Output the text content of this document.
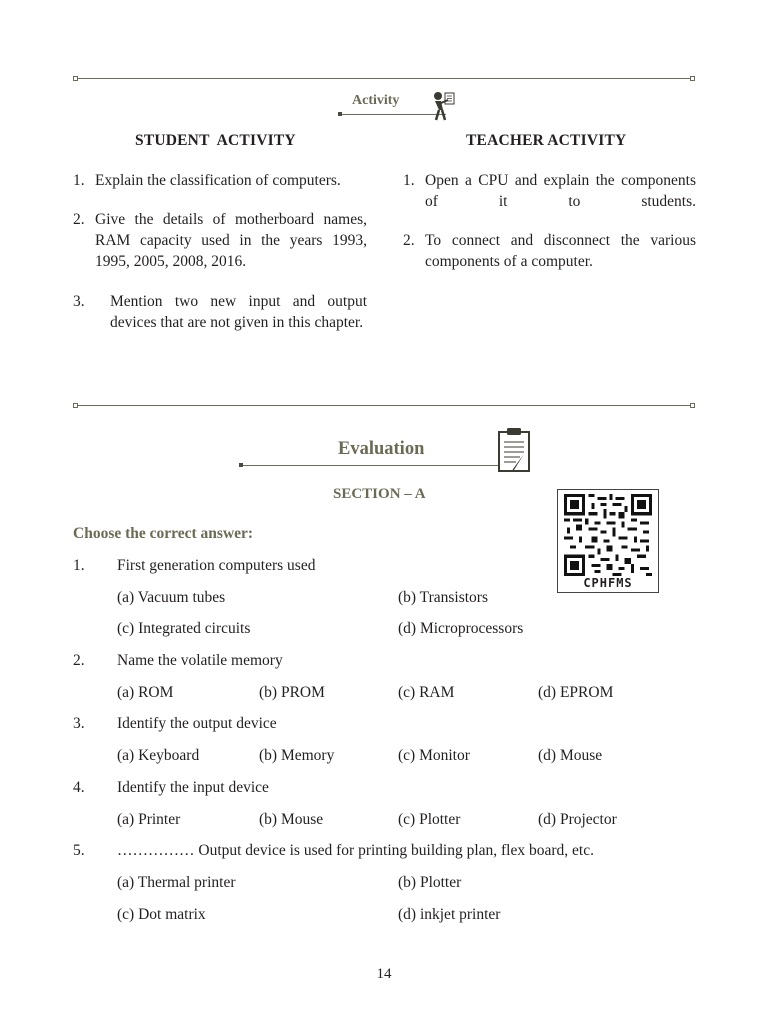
Activity
STUDENT  ACTIVITY
1. Explain the classification of computers.
2. Give the details of motherboard names, RAM capacity used in the years 1993, 1995, 2005, 2008, 2016.
3. Mention two new input and output devices that are not given in this chapter.
TEACHER ACTIVITY
1. Open a CPU and explain the components of it to students.
2. To connect and disconnect the various components of a computer.
Evaluation
SECTION – A
CPHFMS
Choose the correct answer:
1. First generation computers used
(a) Vacuum tubes	(b) Transistors
(c) Integrated circuits	(d) Microprocessors
2. Name the volatile memory
(a) ROM	(b) PROM	(c) RAM	(d) EPROM
3. Identify the output device
(a) Keyboard	(b) Memory	(c) Monitor	(d) Mouse
4. Identify the input device
(a) Printer	(b) Mouse	(c) Plotter	(d) Projector
5. …………… Output device is used for printing building plan, flex board, etc.
(a) Thermal printer	(b) Plotter
(c) Dot matrix	(d) inkjet printer
14
